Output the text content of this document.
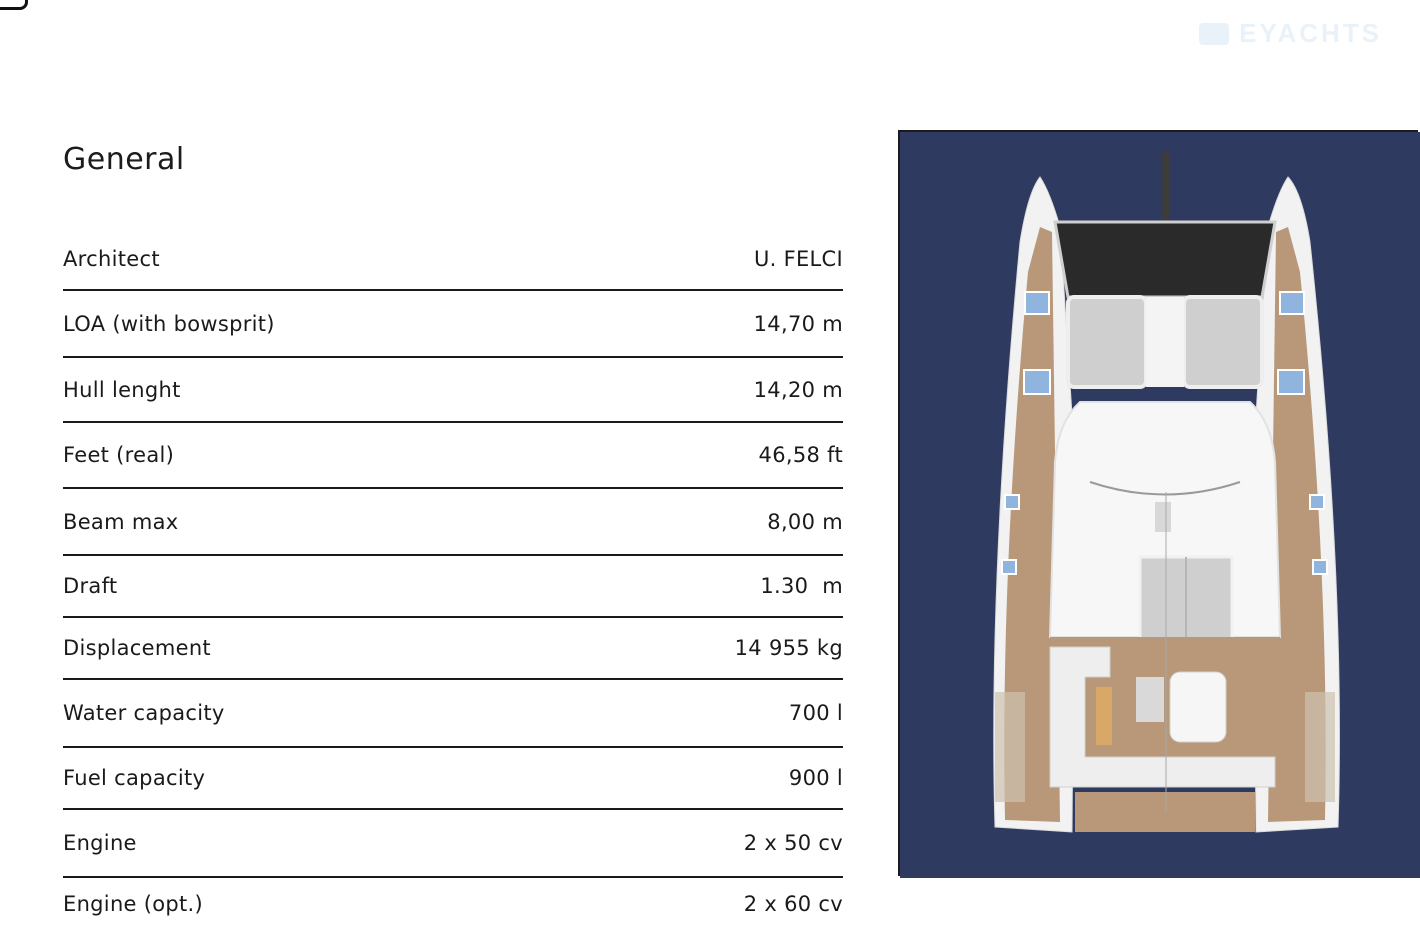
EYACHTS
General
Architect	U. FELCI
LOA (with bowsprit)	14,70 m
Hull lenght	14,20 m
Feet (real)	46,58 ft
Beam max	8,00 m
Draft	1.30  m
Displacement	14 955 kg
Water capacity	700 l
Fuel capacity	900 l
Engine	2 x 50 cv
Engine (opt.)	2 x 60 cv
